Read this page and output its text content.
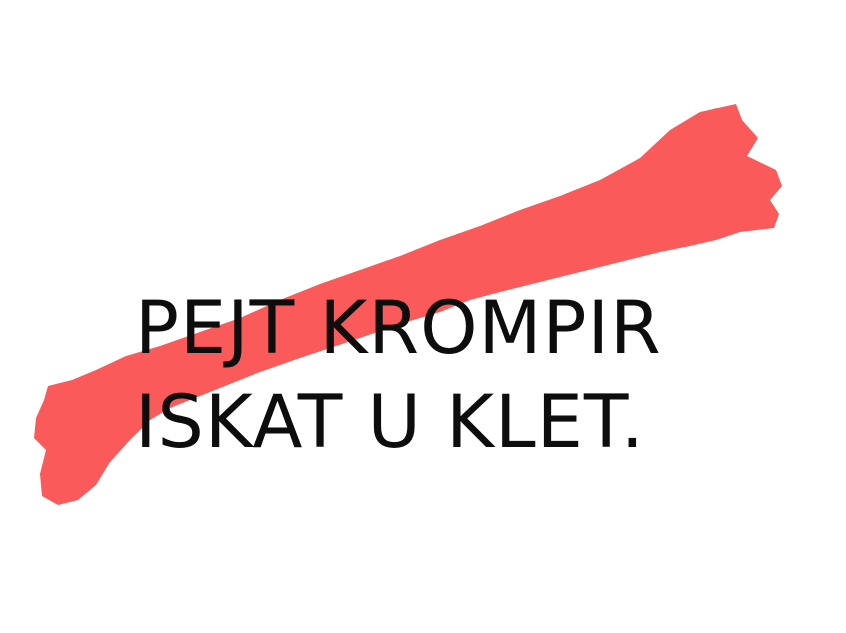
PEJT KROMPIR
ISKAT U KLET.
